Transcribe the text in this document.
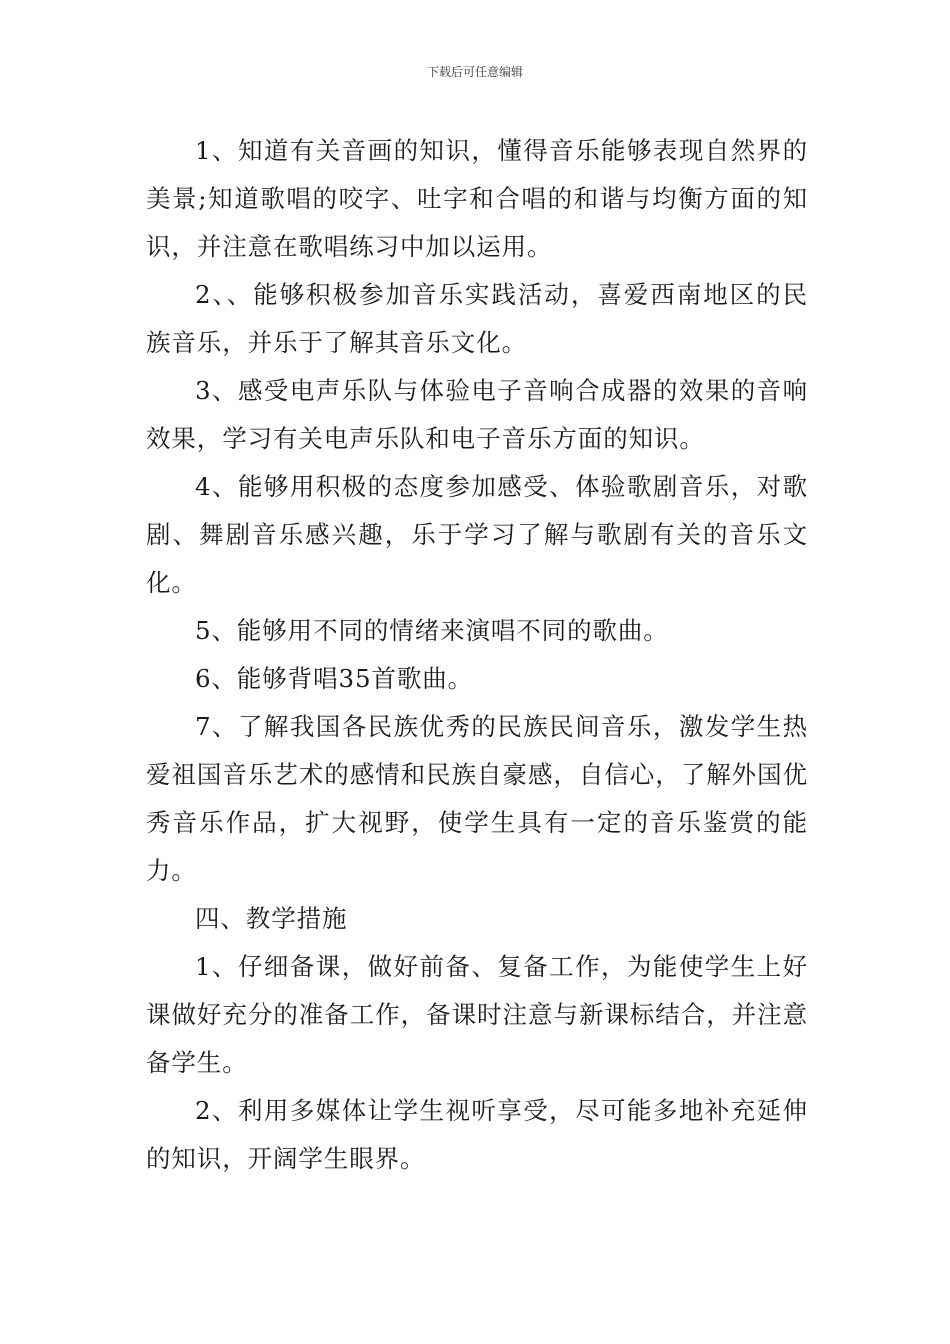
下载后可任意编辑

1、知道有关音画的知识，懂得音乐能够表现自然界的美景;知道歌唱的咬字、吐字和合唱的和谐与均衡方面的知识，并注意在歌唱练习中加以运用。

2、、能够积极参加音乐实践活动，喜爱西南地区的民族音乐，并乐于了解其音乐文化。

3、感受电声乐队与体验电子音响合成器的效果的音响效果，学习有关电声乐队和电子音乐方面的知识。

4、能够用积极的态度参加感受、体验歌剧音乐，对歌剧、舞剧音乐感兴趣，乐于学习了解与歌剧有关的音乐文化。

5、能够用不同的情绪来演唱不同的歌曲。

6、能够背唱35首歌曲。

7、了解我国各民族优秀的民族民间音乐，激发学生热爱祖国音乐艺术的感情和民族自豪感，自信心，了解外国优秀音乐作品，扩大视野，使学生具有一定的音乐鉴赏的能力。

四、教学措施

1、仔细备课，做好前备、复备工作，为能使学生上好课做好充分的准备工作，备课时注意与新课标结合，并注意备学生。

2、利用多媒体让学生视听享受，尽可能多地补充延伸的知识，开阔学生眼界。
